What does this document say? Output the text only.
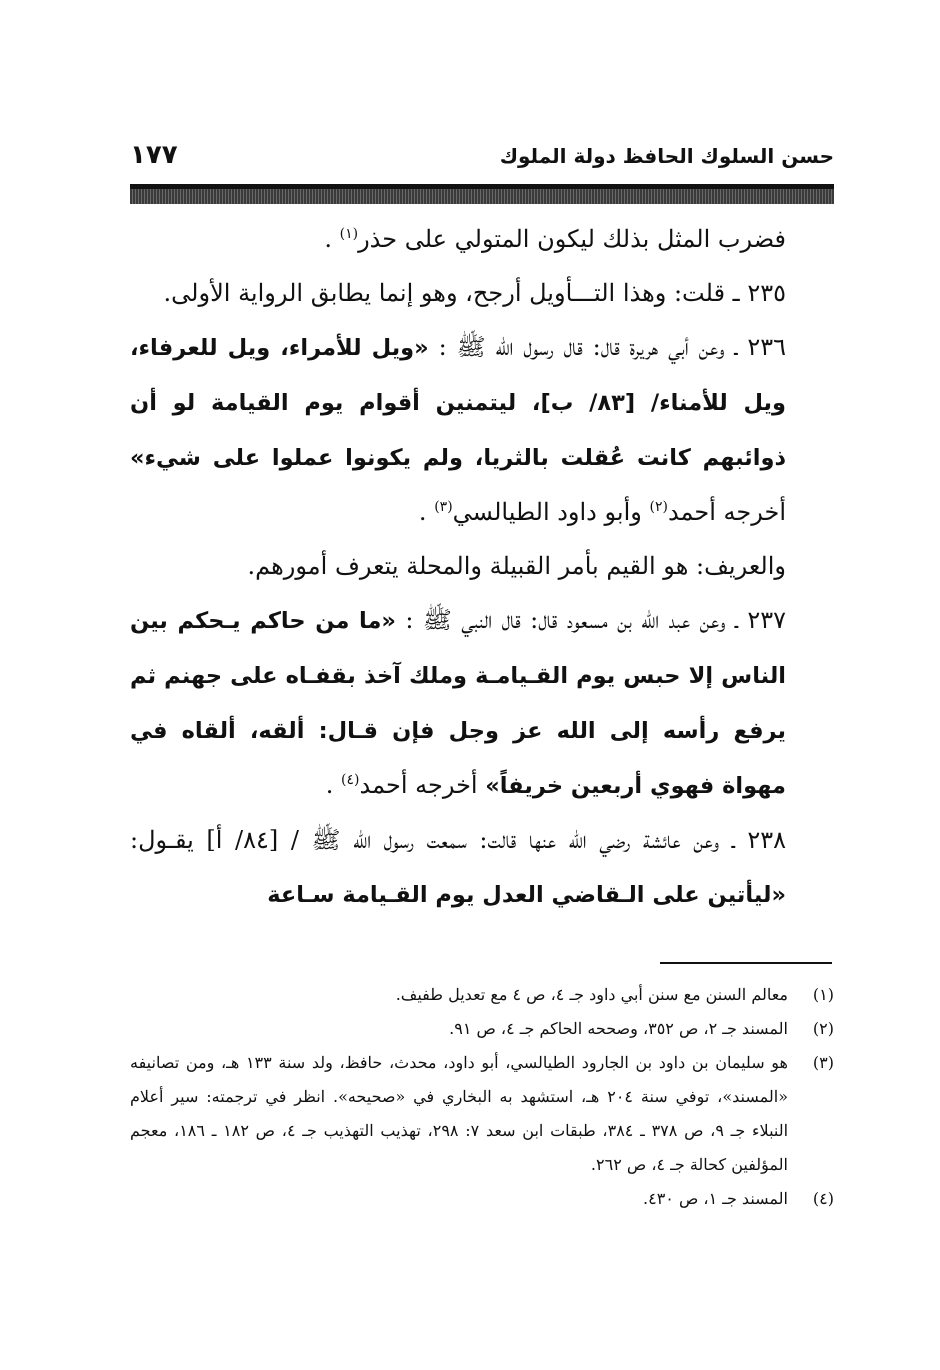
حسن السلوك الحافظ دولة الملوك
١٧٧

فضرب المثل بذلك ليكون المتولي على حذر$^{(١)}$ .

٢٣٥ ـ قلت: وهذا التـــأويل أرجح، وهو إنما يطابق الرواية الأولى.

٢٣٦ ـ وعن أبي هريرة قال: قال رسول الله ﷺ : «ويل للأمراء، ويل للعرفاء، ويل للأمناء/ [٨٣/ ب]، ليتمنين أقوام يوم القيامة لو أن ذوائبهم كانت عُقلت بالثريا، ولم يكونوا عملوا على شيء» أخرجه أحمد$^{(٢)}$ وأبو داود الطيالسي$^{(٣)}$ .

والعريف: هو القيم بأمر القبيلة والمحلة يتعرف أمورهم.

٢٣٧ ـ وعن عبد الله بن مسعود قال: قال النبي ﷺ : «ما من حاكم يـحكم بين الناس إلا حبس يوم القـيامـة وملك آخذ بقفـاه على جهنم ثم يرفع رأسه إلى الله عز وجل فإن قـال: ألقه، ألقاه في مهواة فهوي أربعين خريفاً» أخرجه أحمد$^{(٤)}$ .

٢٣٨ ـ وعن عائشة رضي الله عنها قالت: سمعت رسول الله ﷺ / [٨٤/ أ] يقـول: «ليأتين على الـقاضي العدل يوم القـيامة سـاعة

(١)
معالم السنن مع سنن أبي داود جـ ٤، ص ٤ مع تعديل طفيف.
(٢)
المسند جـ ٢، ص ٣٥٢، وصححه الحاكم جـ ٤، ص ٩١.
(٣)
هو سليمان بن داود بن الجارود الطيالسي، أبو داود، محدث، حافظ، ولد سنة ١٣٣ هـ، ومن تصانيفه «المسند»، توفي سنة ٢٠٤ هـ، استشهد به البخاري في «صحيحه». انظر في ترجمته: سير أعلام النبلاء جـ ٩، ص ٣٧٨ ـ ٣٨٤، طبقات ابن سعد ٧: ٢٩٨، تهذيب التهذيب جـ ٤، ص ١٨٢ ـ ١٨٦، معجم المؤلفين كحالة جـ ٤، ص ٢٦٢.
(٤)
المسند جـ ١، ص ٤٣٠.
